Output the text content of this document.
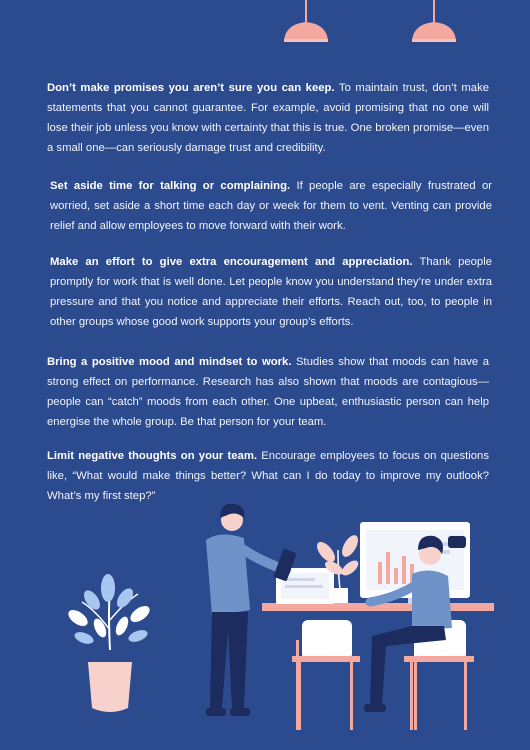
Don’t make promises you aren’t sure you can keep. To maintain trust, don’t make statements that you cannot guarantee. For example, avoid promising that no one will lose their job unless you know with certainty that this is true. One broken promise—even a small one—can seriously damage trust and credibility.

Set aside time for talking or complaining. If people are especially frustrated or worried, set aside a short time each day or week for them to vent. Venting can provide relief and allow employees to move forward with their work.

Make an effort to give extra encouragement and appreciation. Thank people promptly for work that is well done. Let people know you understand they’re under extra pressure and that you notice and appreciate their efforts. Reach out, too, to people in other groups whose good work supports your group’s efforts.

Bring a positive mood and mindset to work. Studies show that moods can have a strong effect on performance. Research has also shown that moods are contagious—people can “catch” moods from each other. One upbeat, enthusiastic person can help energise the whole group. Be that person for your team.

Limit negative thoughts on your team. Encourage employees to focus on questions like, “What would make things better? What can I do today to improve my outlook? What’s my first step?”
